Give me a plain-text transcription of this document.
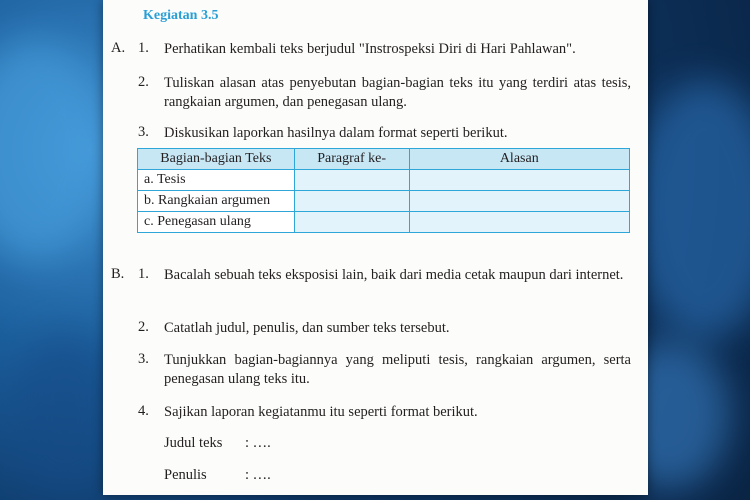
Kegiatan 3.5
A. 1. Perhatikan kembali teks berjudul "Instrospeksi Diri di Hari Pahlawan".
2. Tuliskan alasan atas penyebutan bagian-bagian teks itu yang terdiri atas tesis, rangkaian argumen, dan penegasan ulang.
3. Diskusikan laporkan hasilnya dalam format seperti berikut.
Bagian-bagian Teks	Paragraf ke-	Alasan
a. Tesis		
b. Rangkaian argumen		
c. Penegasan ulang		
B. 1. Bacalah sebuah teks eksposisi lain, baik dari media cetak maupun dari internet.
2. Catatlah judul, penulis, dan sumber teks tersebut.
3. Tunjukkan bagian-bagiannya yang meliputi tesis, rangkaian argumen, serta penegasan ulang teks itu.
4. Sajikan laporan kegiatanmu itu seperti format berikut.
Judul teks : ….
Penulis	: ….
